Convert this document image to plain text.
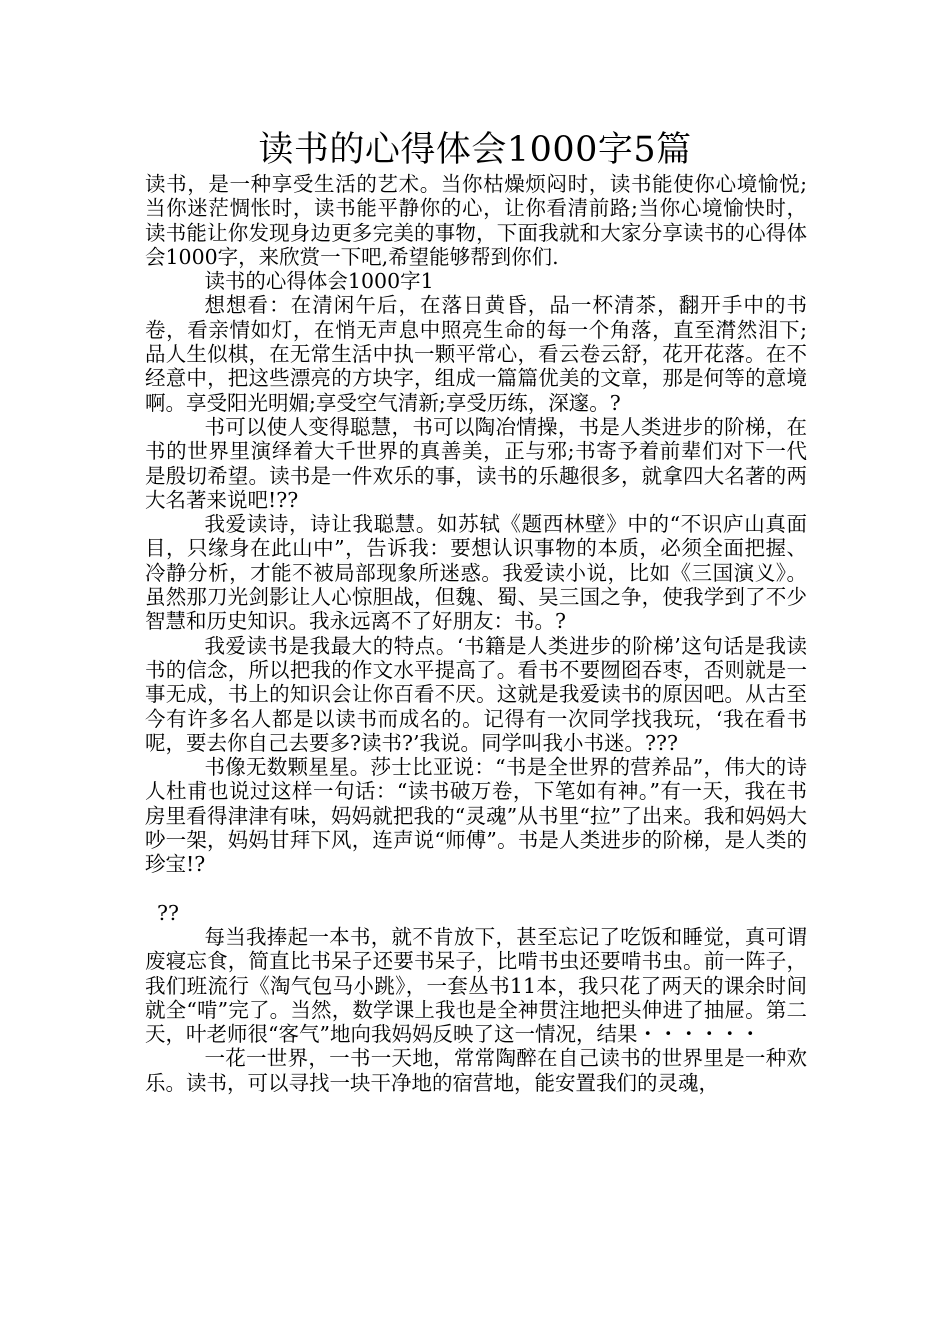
读书的心得体会1000字5篇

读书，是一种享受生活的艺术。当你枯燥烦闷时，读书能使你心境愉悦;当你迷茫惆怅时，读书能平静你的心，让你看清前路;当你心境愉快时，读书能让你发现身边更多完美的事物，下面我就和大家分享读书的心得体会1000字，来欣赏一下吧,希望能够帮到你们.

读书的心得体会1000字1

想想看：在清闲午后，在落日黄昏，品一杯清茶，翻开手中的书卷，看亲情如灯，在悄无声息中照亮生命的每一个角落，直至潸然泪下;品人生似棋，在无常生活中执一颗平常心，看云卷云舒，花开花落。在不经意中，把这些漂亮的方块字，组成一篇篇优美的文章，那是何等的意境啊。享受阳光明媚;享受空气清新;享受历练，深邃。?

书可以使人变得聪慧，书可以陶冶情操，书是人类进步的阶梯，在书的世界里演绎着大千世界的真善美，正与邪;书寄予着前辈们对下一代是殷切希望。读书是一件欢乐的事，读书的乐趣很多，就拿四大名著的两大名著来说吧!??

我爱读诗，诗让我聪慧。如苏轼《题西林壁》中的“不识庐山真面目，只缘身在此山中”，告诉我：要想认识事物的本质，必须全面把握、冷静分析，才能不被局部现象所迷惑。我爱读小说，比如《三国演义》。虽然那刀光剑影让人心惊胆战，但魏、蜀、吴三国之争，使我学到了不少智慧和历史知识。我永远离不了好朋友：书。?

我爱读书是我最大的特点。‘书籍是人类进步的阶梯’这句话是我读书的信念，所以把我的作文水平提高了。看书不要囫囵吞枣，否则就是一事无成，书上的知识会让你百看不厌。这就是我爱读书的原因吧。从古至今有许多名人都是以读书而成名的。记得有一次同学找我玩，‘我在看书呢，要去你自己去要多?读书?’我说。同学叫我小书迷。???

书像无数颗星星。莎士比亚说：“书是全世界的营养品”，伟大的诗人杜甫也说过这样一句话：“读书破万卷，下笔如有神。”有一天，我在书房里看得津津有味，妈妈就把我的“灵魂”从书里“拉”了出来。我和妈妈大吵一架，妈妈甘拜下风，连声说“师傅”。书是人类进步的阶梯，是人类的珍宝!?

??

每当我捧起一本书，就不肯放下，甚至忘记了吃饭和睡觉，真可谓废寝忘食，简直比书呆子还要书呆子，比啃书虫还要啃书虫。前一阵子，我们班流行《淘气包马小跳》，一套丛书11本，我只花了两天的课余时间就全“啃”完了。当然，数学课上我也是全神贯注地把头伸进了抽屉。第二天，叶老师很“客气”地向我妈妈反映了这一情况，结果・・・・・・

一花一世界，一书一天地，常常陶醉在自己读书的世界里是一种欢乐。读书，可以寻找一块干净地的宿营地，能安置我们的灵魂，
